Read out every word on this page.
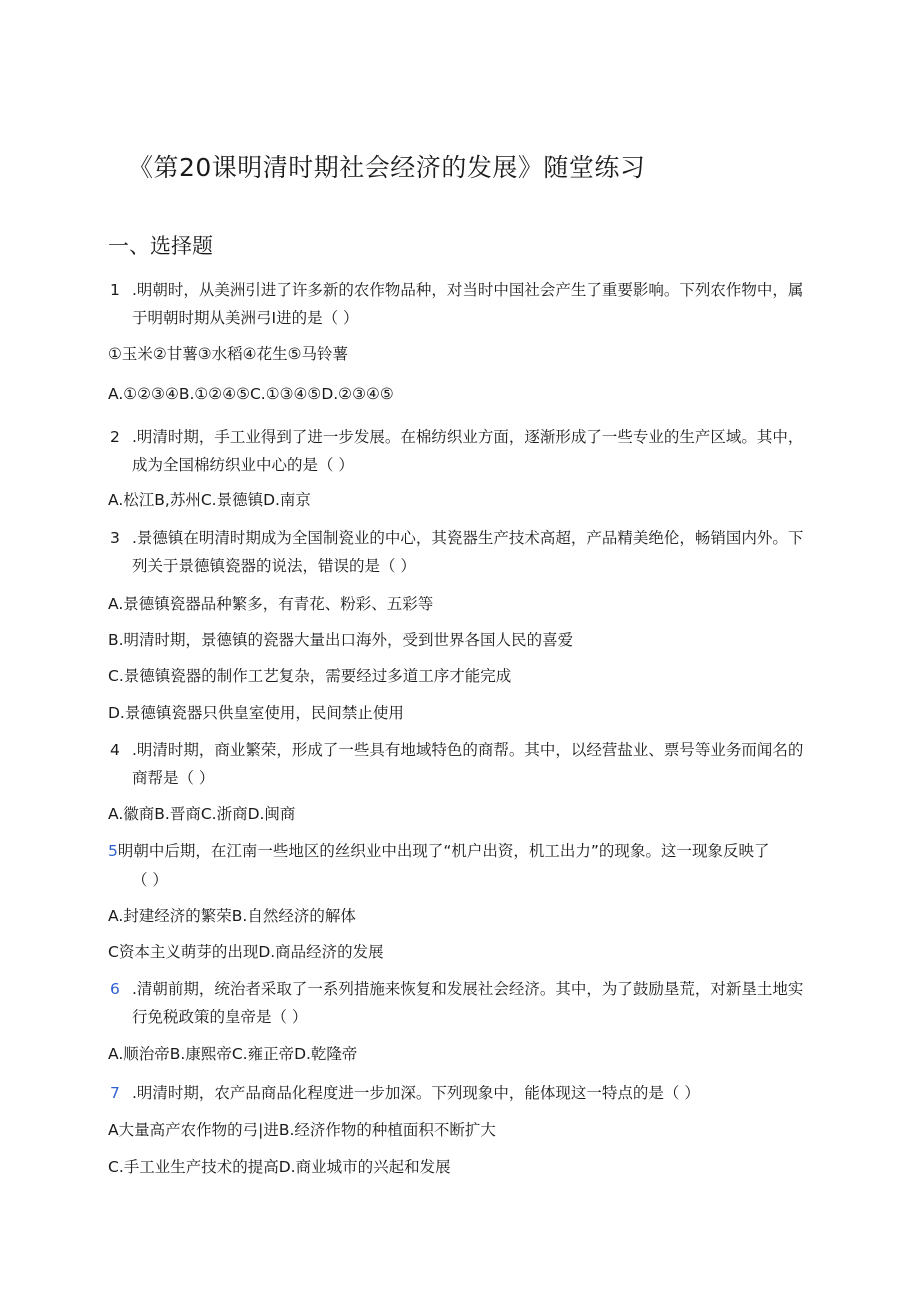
《第20课明清时期社会经济的发展》随堂练习
一、选择题
1 .明朝时，从美洲引进了许多新的农作物品种，对当时中国社会产生了重要影响。下列农作物中，属
于明朝时期从美洲弓I进的是（ ）
①玉米②甘薯③水稻④花生⑤马铃薯
A.①②③④B.①②④⑤C.①③④⑤D.②③④⑤
2 .明清时期，手工业得到了进一步发展。在棉纺织业方面，逐渐形成了一些专业的生产区域。其中，
成为全国棉纺织业中心的是（ ）
A.松江B,苏州C.景德镇D.南京
3 .景德镇在明清时期成为全国制瓷业的中心，其瓷器生产技术高超，产品精美绝伦，畅销国内外。下
列关于景德镇瓷器的说法，错误的是（ ）
A.景德镇瓷器品种繁多，有青花、粉彩、五彩等
B.明清时期，景德镇的瓷器大量出口海外，受到世界各国人民的喜爱
C.景德镇瓷器的制作工艺复杂，需要经过多道工序才能完成
D.景德镇瓷器只供皇室使用，民间禁止使用
4 .明清时期，商业繁荣，形成了一些具有地域特色的商帮。其中，以经营盐业、票号等业务而闻名的
商帮是（ ）
A.徽商B.晋商C.浙商D.闽商
5明朝中后期，在江南一些地区的丝织业中出现了“机户出资，机工出力”的现象。这一现象反映了
（ ）
A.封建经济的繁荣B.自然经济的解体
C资本主义萌芽的出现D.商品经济的发展
6 .清朝前期，统治者采取了一系列措施来恢复和发展社会经济。其中，为了鼓励垦荒，对新垦土地实
行免税政策的皇帝是（ ）
A.顺治帝B.康熙帝C.雍正帝D.乾隆帝
7 .明清时期，农产品商品化程度进一步加深。下列现象中，能体现这一特点的是（ ）
A大量高产农作物的弓|进B.经济作物的种植面积不断扩大
C.手工业生产技术的提高D.商业城市的兴起和发展
